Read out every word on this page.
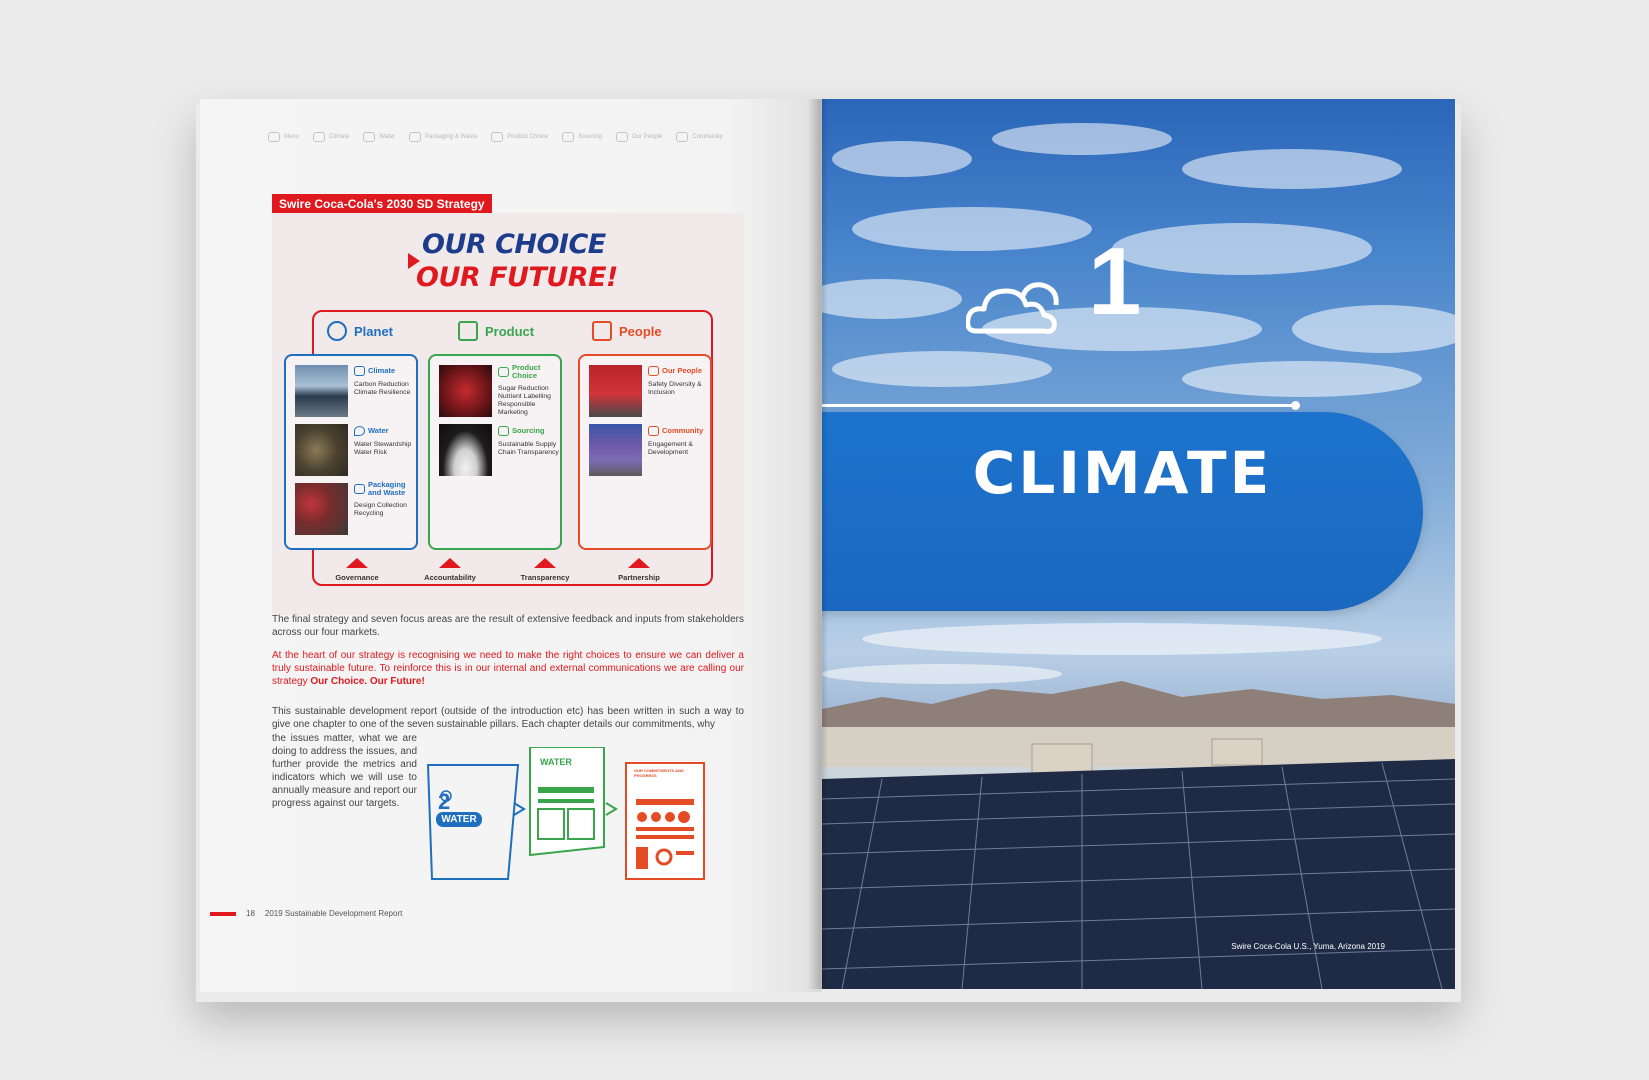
Menu	Climate	Water	Packaging & Waste	Product Choice	Sourcing	Our People	Community
Swire Coca-Cola's 2030 SD Strategy
OUR CHOICE
OUR FUTURE!
Planet	Product	People
Climate
Carbon Reduction Climate Resilience
Water
Water Stewardship Water Risk
Packaging and Waste
Design Collection Recycling
Product Choice
Sugar Reduction Nutrient Labelling Responsible Marketing
Sourcing
Sustainable Supply Chain Transparency
Our People
Safety Diversity & Inclusion
Community
Engagement & Development
Governance	Accountability	Transparency	Partnership
The final strategy and seven focus areas are the result of extensive feedback and inputs from stakeholders across our four markets.
At the heart of our strategy is recognising we need to make the right choices to ensure we can deliver a truly sustainable future. To reinforce this is in our internal and external communications we are calling our strategy Our Choice. Our Future!
This sustainable development report (outside of the introduction etc) has been written in such a way to give one chapter to one of the seven sustainable pillars. Each chapter details our commitments, why
the issues matter, what we are doing to address the issues, and further provide the metrics and indicators which we will use to annually measure and report our progress against our targets.	2
WATER
WATER
OUR COMMITMENTS AND PROGRESS
18 2019 Sustainable Development Report
1
CLIMATE
Swire Coca-Cola U.S., Yuma, Arizona 2019
